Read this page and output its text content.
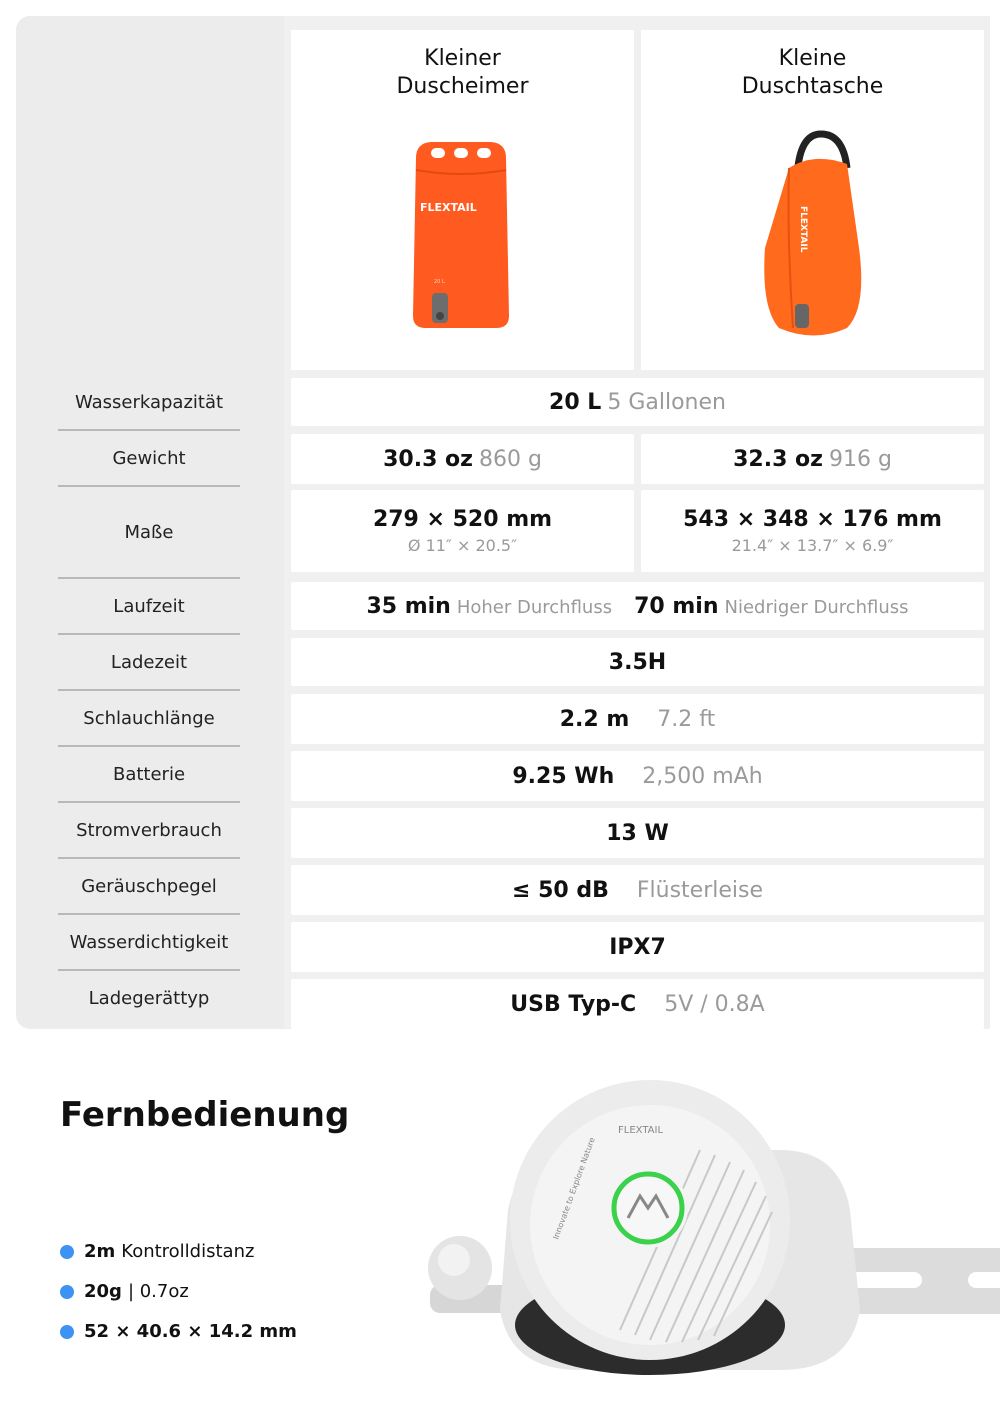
Kleiner
Duscheimer
FLEXTAIL
20 L
Kleine
Duschtasche
FLEXTAIL
Wasserkapazität
Gewicht
Maße
Laufzeit
Ladezeit
Schlauchlänge
Batterie
Stromverbrauch
Geräuschpegel
Wasserdichtigkeit
Ladegerättyp
20 L 5 Gallonen
30.3 oz 860 g	32.3 oz 916 g
279 × 520 mm
Ø 11″ × 20.5″
543 × 348 × 176 mm
21.4″ × 13.7″ × 6.9″
35 min Hoher Durchfluss 70 min Niedriger Durchfluss
3.5H
2.2 m 7.2 ft
9.25 Wh 2,500 mAh
13 W
≤ 50 dB Flüsterleise
IPX7
USB Typ-C 5V / 0.8A
Fernbedienung
2m Kontrolldistanz
20g | 0.7oz
52 × 40.6 × 14.2 mm
FLEXTAIL
Innovate to Explore Nature
